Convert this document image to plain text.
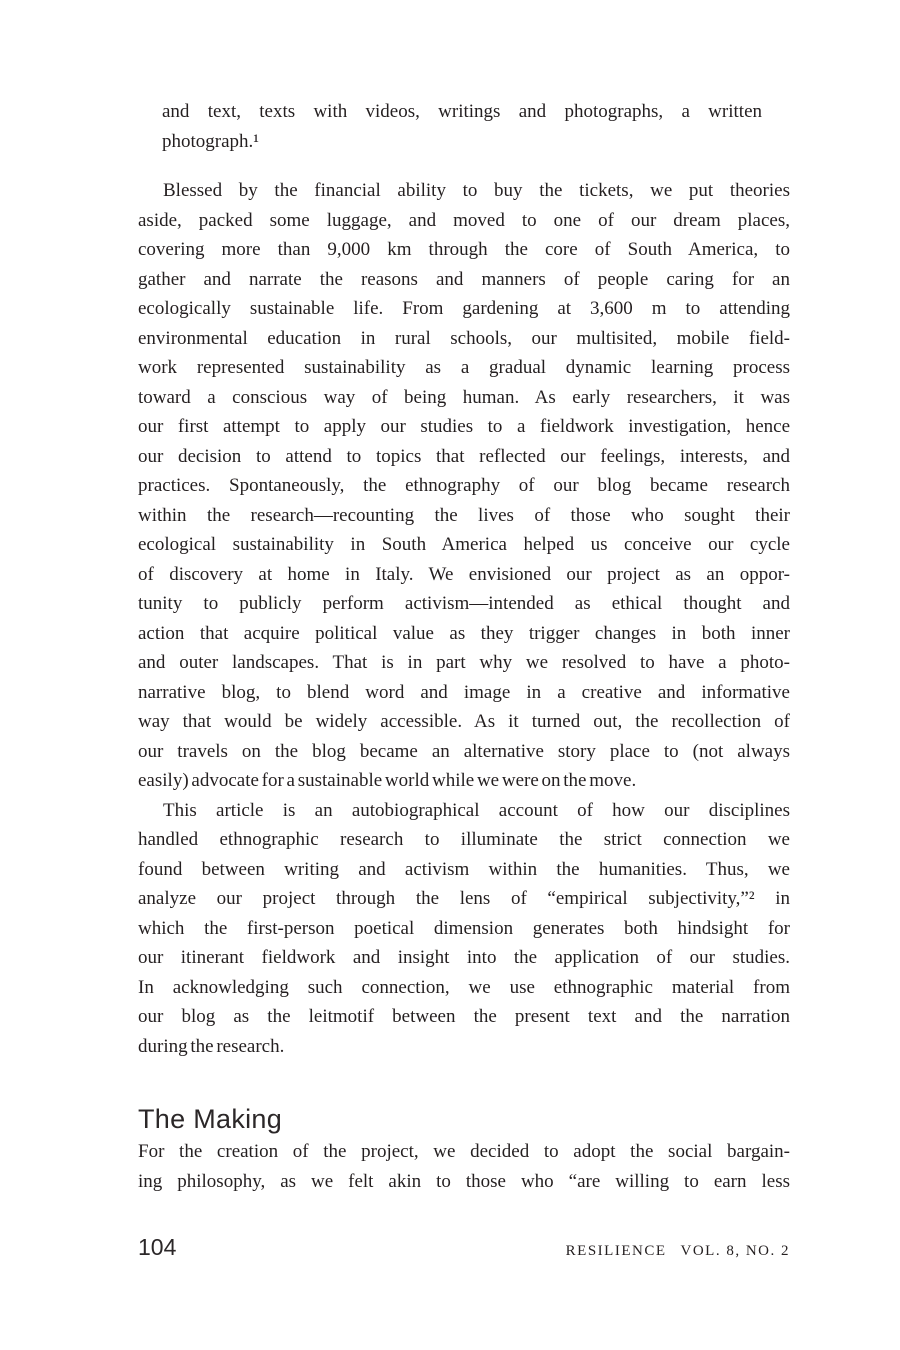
and text, texts with videos, writings and photographs, a written
photograph.¹
Blessed by the financial ability to buy the tickets, we put theories
aside, packed some luggage, and moved to one of our dream places,
covering more than 9,000 km through the core of South America, to
gather and narrate the reasons and manners of people caring for an
ecologically sustainable life. From gardening at 3,600 m to attending
environmental education in rural schools, our multisited, mobile field-
work represented sustainability as a gradual dynamic learning process
toward a conscious way of being human. As early researchers, it was
our first attempt to apply our studies to a fieldwork investigation, hence
our decision to attend to topics that reflected our feelings, interests, and
practices. Spontaneously, the ethnography of our blog became research
within the research—recounting the lives of those who sought their
ecological sustainability in South America helped us conceive our cycle
of discovery at home in Italy. We envisioned our project as an oppor-
tunity to publicly perform activism—intended as ethical thought and
action that acquire political value as they trigger changes in both inner
and outer landscapes. That is in part why we resolved to have a photo-
narrative blog, to blend word and image in a creative and informative
way that would be widely accessible. As it turned out, the recollection of
our travels on the blog became an alternative story place to (not always
easily) advocate for a sustainable world while we were on the move.
This article is an autobiographical account of how our disciplines
handled ethnographic research to illuminate the strict connection we
found between writing and activism within the humanities. Thus, we
analyze our project through the lens of “empirical subjectivity,”² in
which the first-person poetical dimension generates both hindsight for
our itinerant fieldwork and insight into the application of our studies.
In acknowledging such connection, we use ethnographic material from
our blog as the leitmotif between the present text and the narration
during the research.
The Making
For the creation of the project, we decided to adopt the social bargain-
ing philosophy, as we felt akin to those who “are willing to earn less
104	RESILIENCE VOL. 8, NO. 2
